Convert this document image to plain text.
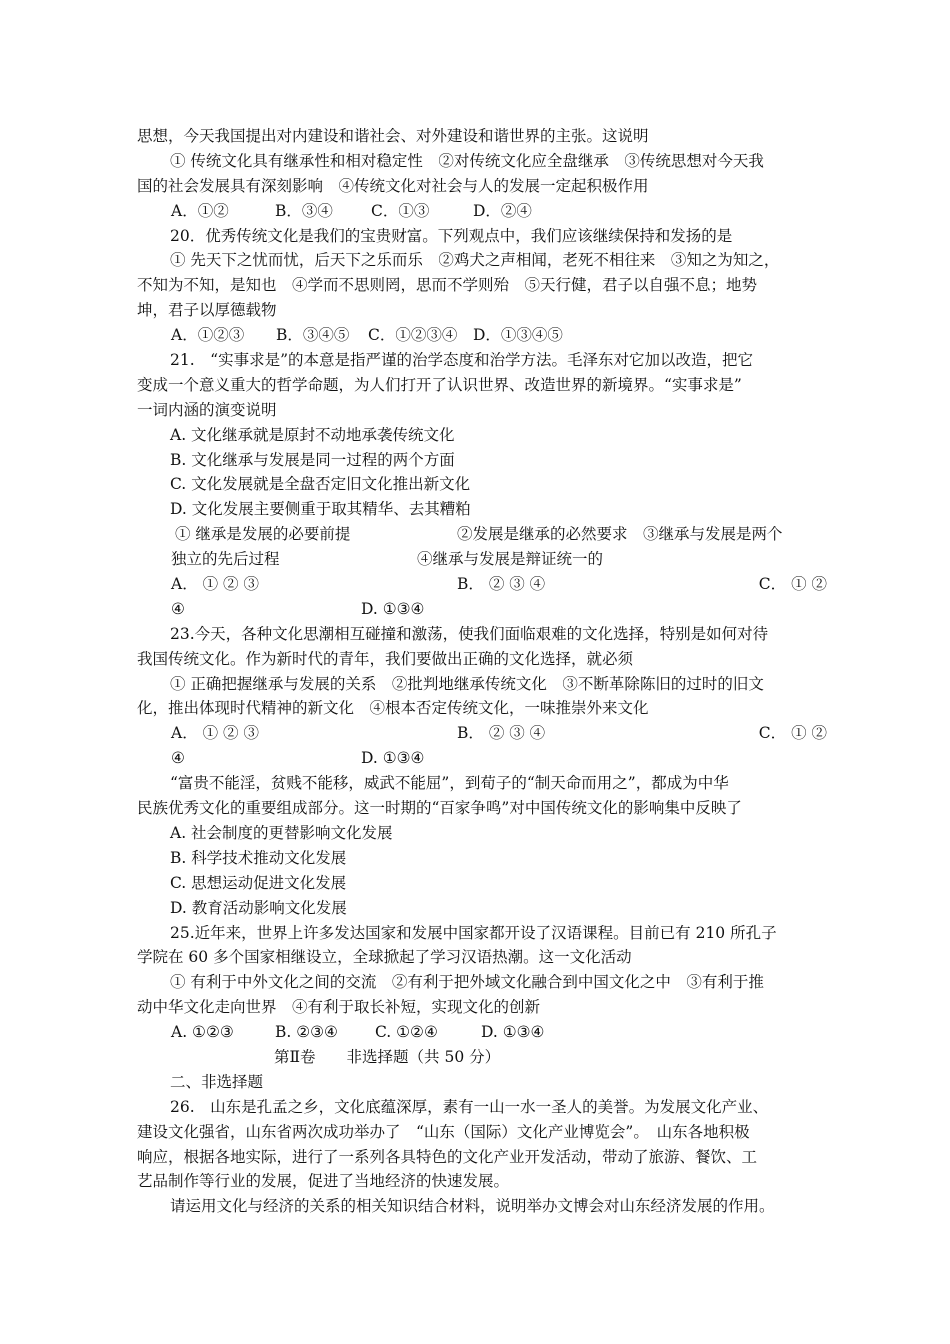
思想，今天我国提出对内建设和谐社会、对外建设和谐世界的主张。这说明
① 传统文化具有继承性和相对稳定性　②对传统文化应全盘继承　③传统思想对今天我
国的社会发展具有深刻影响　④传统文化对社会与人的发展一定起积极作用
A．①②	B．③④ C．①③	D．②④
20．优秀传统文化是我们的宝贵财富。下列观点中，我们应该继续保持和发扬的是
① 先天下之忧而忧，后天下之乐而乐　②鸡犬之声相闻，老死不相往来　③知之为知之，
不知为不知，是知也　④学而不思则罔，思而不学则殆　⑤天行健，君子以自强不息；地势
坤，君子以厚德载物
A．①②③ B．③④⑤ C．①②③④ D．①③④⑤
21.　“实事求是”的本意是指严谨的治学态度和治学方法。毛泽东对它加以改造，把它
变成一个意义重大的哲学命题，为人们打开了认识世界、改造世界的新境界。“实事求是”
一词内涵的演变说明
A. 文化继承就是原封不动地承袭传统文化
B. 文化继承与发展是同一过程的两个方面
C. 文化发展就是全盘否定旧文化推出新文化
D. 文化发展主要侧重于取其精华、去其糟粕
① 继承是发展的必要前提	②发展是继承的必然要求　③继承与发展是两个
独立的先后过程	④继承与发展是辩证统一的
A． ① ② ③	B． ② ③ ④	C． ① ②
④	D. ①③④
23.今天，各种文化思潮相互碰撞和激荡，使我们面临艰难的文化选择，特别是如何对待
我国传统文化。作为新时代的青年，我们要做出正确的文化选择，就必须
① 正确把握继承与发展的关系　②批判地继承传统文化　③不断革除陈旧的过时的旧文
化，推出体现时代精神的新文化　④根本否定传统文化，一味推崇外来文化
A． ① ② ③	B． ② ③ ④	C． ① ②
④	D. ①③④
“富贵不能淫，贫贱不能移，威武不能屈”，到荀子的“制天命而用之”，都成为中华
民族优秀文化的重要组成部分。这一时期的“百家争鸣”对中国传统文化的影响集中反映了
A. 社会制度的更替影响文化发展
B. 科学技术推动文化发展
C. 思想运动促进文化发展
D. 教育活动影响文化发展
25.近年来，世界上许多发达国家和发展中国家都开设了汉语课程。目前已有 210 所孔子
学院在 60 多个国家相继设立，全球掀起了学习汉语热潮。这一文化活动
① 有利于中外文化之间的交流　②有利于把外域文化融合到中国文化之中　③有利于推
动中华文化走向世界　④有利于取长补短，实现文化的创新
A. ①②③	B. ②③④ C. ①②④	D. ①③④
第Ⅱ卷　　非选择题（共 50 分）
二、非选择题
26.　山东是孔孟之乡，文化底蕴深厚，素有一山一水一圣人的美誉。为发展文化产业、
建设文化强省，山东省两次成功举办了　“山东（国际）文化产业博览会”。　山东各地积极
响应，根据各地实际，进行了一系列各具特色的文化产业开发活动，带动了旅游、餐饮、工
艺品制作等行业的发展，促进了当地经济的快速发展。
请运用文化与经济的关系的相关知识结合材料，说明举办文博会对山东经济发展的作用。
